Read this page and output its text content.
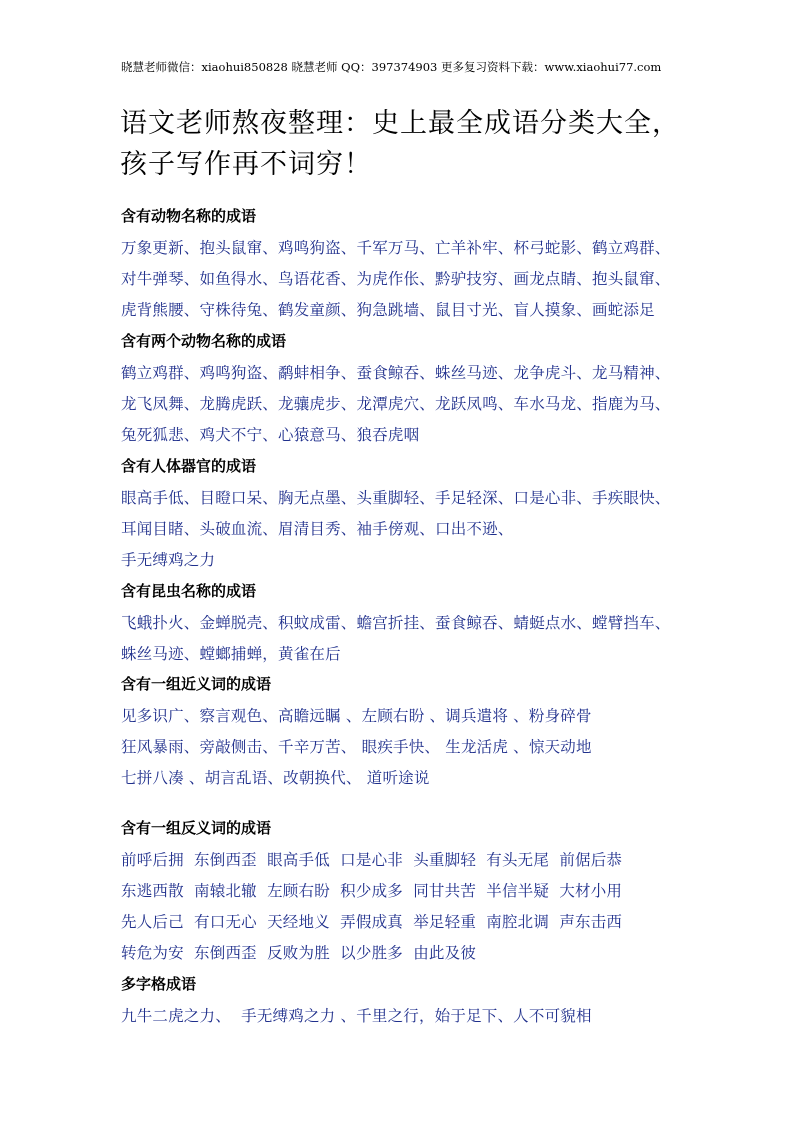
晓慧老师微信：xiaohui850828 晓慧老师 QQ：397374903 更多复习资料下载：www.xiaohui77.com
语文老师熬夜整理：史上最全成语分类大全，
孩子写作再不词穷！
含有动物名称的成语
万象更新、抱头鼠窜、鸡鸣狗盗、千军万马、亡羊补牢、杯弓蛇影、鹤立鸡群、
对牛弹琴、如鱼得水、鸟语花香、为虎作伥、黔驴技穷、画龙点睛、抱头鼠窜、
虎背熊腰、守株待兔、鹤发童颜、狗急跳墙、鼠目寸光、盲人摸象、画蛇添足
含有两个动物名称的成语
鹤立鸡群、鸡鸣狗盗、鹬蚌相争、蚕食鲸吞、蛛丝马迹、龙争虎斗、龙马精神、
龙飞凤舞、龙腾虎跃、龙骧虎步、龙潭虎穴、龙跃凤鸣、车水马龙、指鹿为马、
兔死狐悲、鸡犬不宁、心猿意马、狼吞虎咽
含有人体器官的成语
眼高手低、目瞪口呆、胸无点墨、头重脚轻、手足轻深、口是心非、手疾眼快、
耳闻目睹、头破血流、眉清目秀、袖手傍观、口出不逊、
手无缚鸡之力
含有昆虫名称的成语
飞蛾扑火、金蝉脱壳、积蚊成雷、蟾宫折挂、蚕食鲸吞、蜻蜓点水、螳臂挡车、
蛛丝马迹、螳螂捕蝉，黄雀在后
含有一组近义词的成语
见多识广、察言观色、高瞻远瞩 、左顾右盼 、调兵遣将 、粉身碎骨
狂风暴雨、旁敲侧击、千辛万苦、 眼疾手快、 生龙活虎 、惊天动地
七拼八凑 、胡言乱语、改朝换代、 道听途说
含有一组反义词的成语
前呼后拥  东倒西歪  眼高手低  口是心非  头重脚轻  有头无尾  前倨后恭
东逃西散  南辕北辙  左顾右盼  积少成多  同甘共苦  半信半疑  大材小用
先人后己  有口无心  天经地义  弄假成真  举足轻重  南腔北调  声东击西
转危为安  东倒西歪  反败为胜  以少胜多  由此及彼
多字格成语
九牛二虎之力、  手无缚鸡之力 、千里之行，始于足下、人不可貌相
